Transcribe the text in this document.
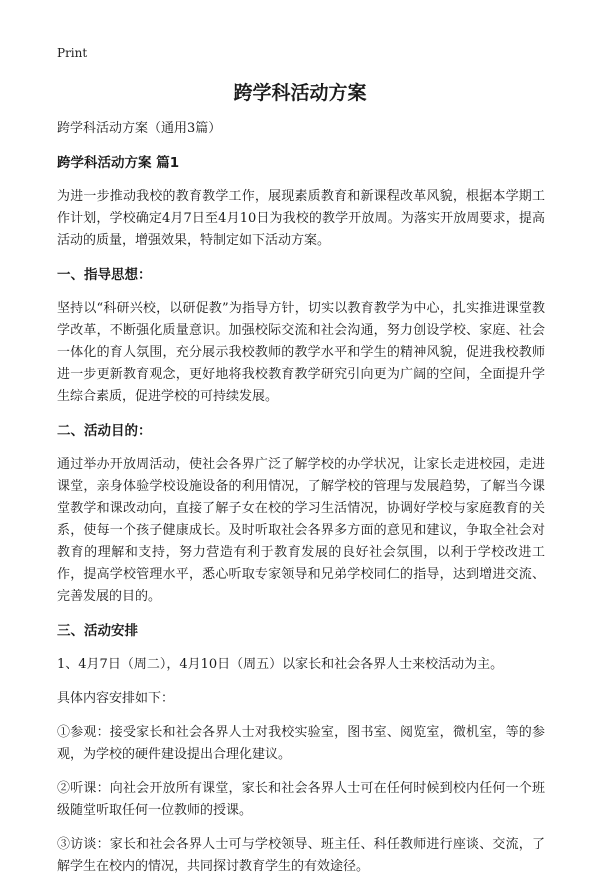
Print
跨学科活动方案

跨学科活动方案（通用3篇）

跨学科活动方案 篇1

为进一步推动我校的教育教学工作，展现素质教育和新课程改革风貌，根据本学期工作计划，学校确定4月7日至4月10日为我校的教学开放周。为落实开放周要求，提高活动的质量，增强效果，特制定如下活动方案。

一、指导思想：

坚持以“科研兴校，以研促教”为指导方针，切实以教育教学为中心，扎实推进课堂教学改革，不断强化质量意识。加强校际交流和社会沟通，努力创设学校、家庭、社会一体化的育人氛围，充分展示我校教师的教学水平和学生的精神风貌，促进我校教师进一步更新教育观念，更好地将我校教育教学研究引向更为广阔的空间，全面提升学生综合素质，促进学校的可持续发展。

二、活动目的：

通过举办开放周活动，使社会各界广泛了解学校的办学状况，让家长走进校园，走进课堂，亲身体验学校设施设备的利用情况，了解学校的管理与发展趋势，了解当今课堂教学和课改动向，直接了解子女在校的学习生活情况，协调好学校与家庭教育的关系，使每一个孩子健康成长。及时听取社会各界多方面的意见和建议，争取全社会对教育的理解和支持，努力营造有利于教育发展的良好社会氛围，以利于学校改进工作，提高学校管理水平，悉心听取专家领导和兄弟学校同仁的指导，达到增进交流、完善发展的目的。

三、活动安排

1、4月7日（周二），4月10日（周五）以家长和社会各界人士来校活动为主。

具体内容安排如下：

①参观：接受家长和社会各界人士对我校实验室，图书室、阅览室，微机室，等的参观，为学校的硬件建设提出合理化建议。

②听课：向社会开放所有课堂，家长和社会各界人士可在任何时候到校内任何一个班级随堂听取任何一位教师的授课。

③访谈：家长和社会各界人士可与学校领导、班主任、科任教师进行座谈、交流，了解学生在校内的情况，共同探讨教育学生的有效途径。
